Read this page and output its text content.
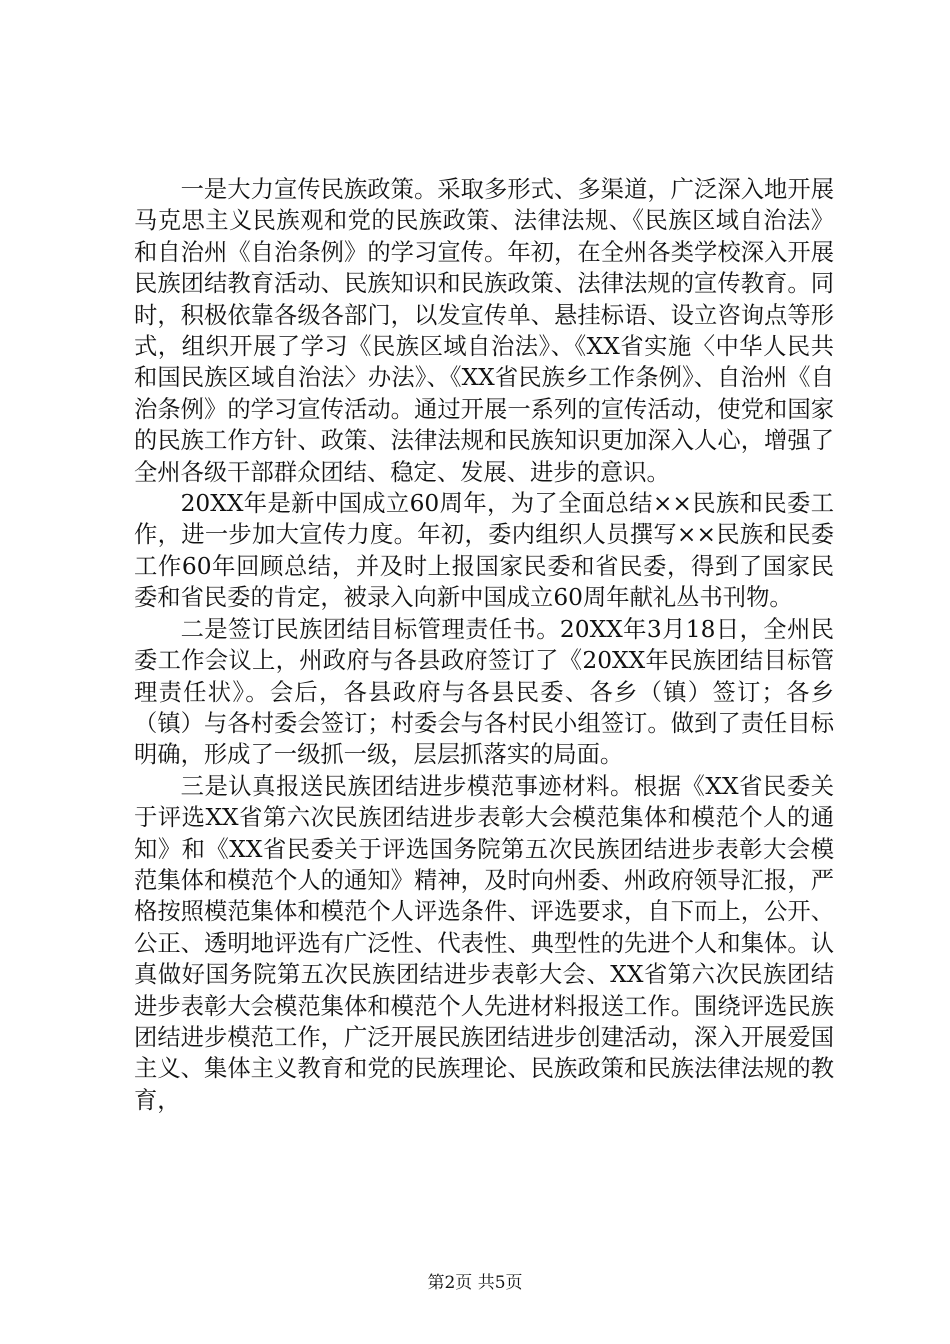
一是大力宣传民族政策。采取多形式、多渠道，广泛深入地开展马克思主义民族观和党的民族政策、法律法规、《民族区域自治法》和自治州《自治条例》的学习宣传。年初，在全州各类学校深入开展民族团结教育活动、民族知识和民族政策、法律法规的宣传教育。同时，积极依靠各级各部门，以发宣传单、悬挂标语、设立咨询点等形式，组织开展了学习《民族区域自治法》、《XX省实施〈中华人民共和国民族区域自治法〉办法》、《XX省民族乡工作条例》、自治州《自治条例》的学习宣传活动。通过开展一系列的宣传活动，使党和国家的民族工作方针、政策、法律法规和民族知识更加深入人心，增强了全州各级干部群众团结、稳定、发展、进步的意识。

20XX年是新中国成立60周年，为了全面总结××民族和民委工作，进一步加大宣传力度。年初，委内组织人员撰写××民族和民委工作60年回顾总结，并及时上报国家民委和省民委，得到了国家民委和省民委的肯定，被录入向新中国成立60周年献礼丛书刊物。

二是签订民族团结目标管理责任书。20XX年3月18日，全州民委工作会议上，州政府与各县政府签订了《20XX年民族团结目标管理责任状》。会后，各县政府与各县民委、各乡（镇）签订；各乡（镇）与各村委会签订；村委会与各村民小组签订。做到了责任目标明确，形成了一级抓一级，层层抓落实的局面。

三是认真报送民族团结进步模范事迹材料。根据《XX省民委关于评选XX省第六次民族团结进步表彰大会模范集体和模范个人的通知》和《XX省民委关于评选国务院第五次民族团结进步表彰大会模范集体和模范个人的通知》精神，及时向州委、州政府领导汇报，严格按照模范集体和模范个人评选条件、评选要求，自下而上，公开、公正、透明地评选有广泛性、代表性、典型性的先进个人和集体。认真做好国务院第五次民族团结进步表彰大会、XX省第六次民族团结进步表彰大会模范集体和模范个人先进材料报送工作。围绕评选民族团结进步模范工作，广泛开展民族团结进步创建活动，深入开展爱国主义、集体主义教育和党的民族理论、民族政策和民族法律法规的教育，

第2页 共5页
